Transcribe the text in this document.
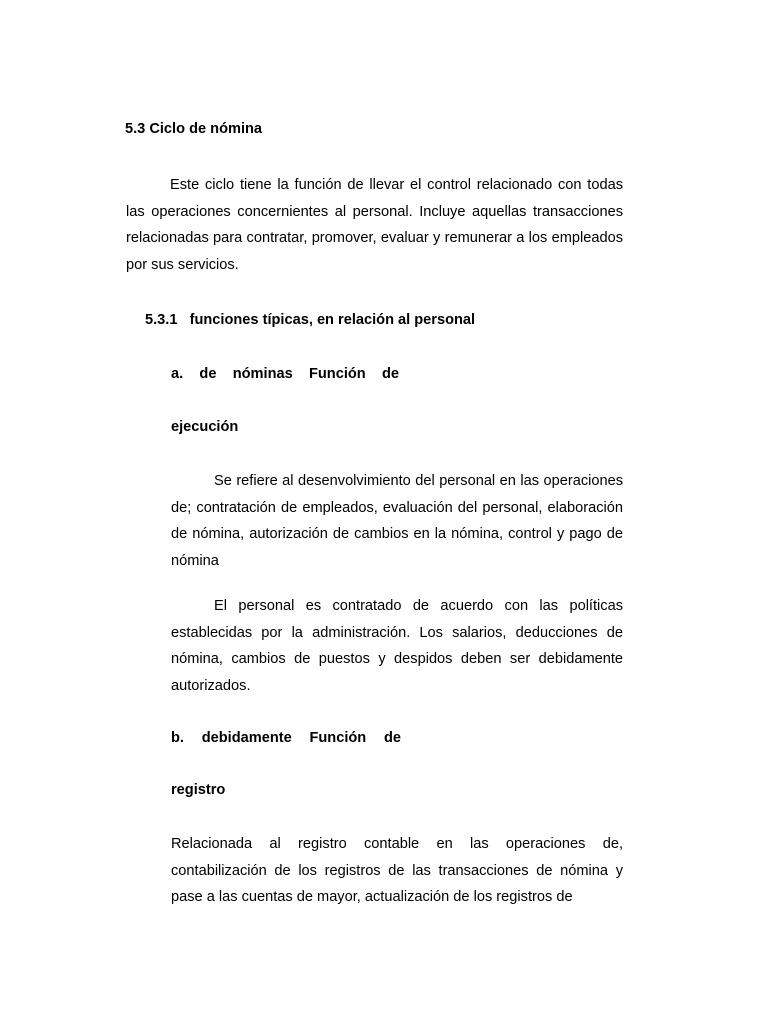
5.3 Ciclo de nómina

Este ciclo tiene la función de llevar el control relacionado con todas las operaciones concernientes al personal. Incluye aquellas transacciones relacionadas para contratar, promover, evaluar y remunerar a los empleados por sus servicios.

5.3.1   funciones típicas, en relación al personal
a. de nóminas Función de
ejecución

Se refiere al desenvolvimiento del personal en las operaciones de; contratación de empleados, evaluación del personal, elaboración de nómina, autorización de cambios en la nómina, control y pago de nómina

El personal es contratado de acuerdo con las políticas establecidas por la administración. Los salarios, deducciones de nómina, cambios de puestos y despidos deben ser debidamente autorizados.

b. debidamente Función de
registro

Relacionada al registro contable en las operaciones de, contabilización de los registros de las transacciones de nómina y pase a las cuentas de mayor, actualización de los registros de
